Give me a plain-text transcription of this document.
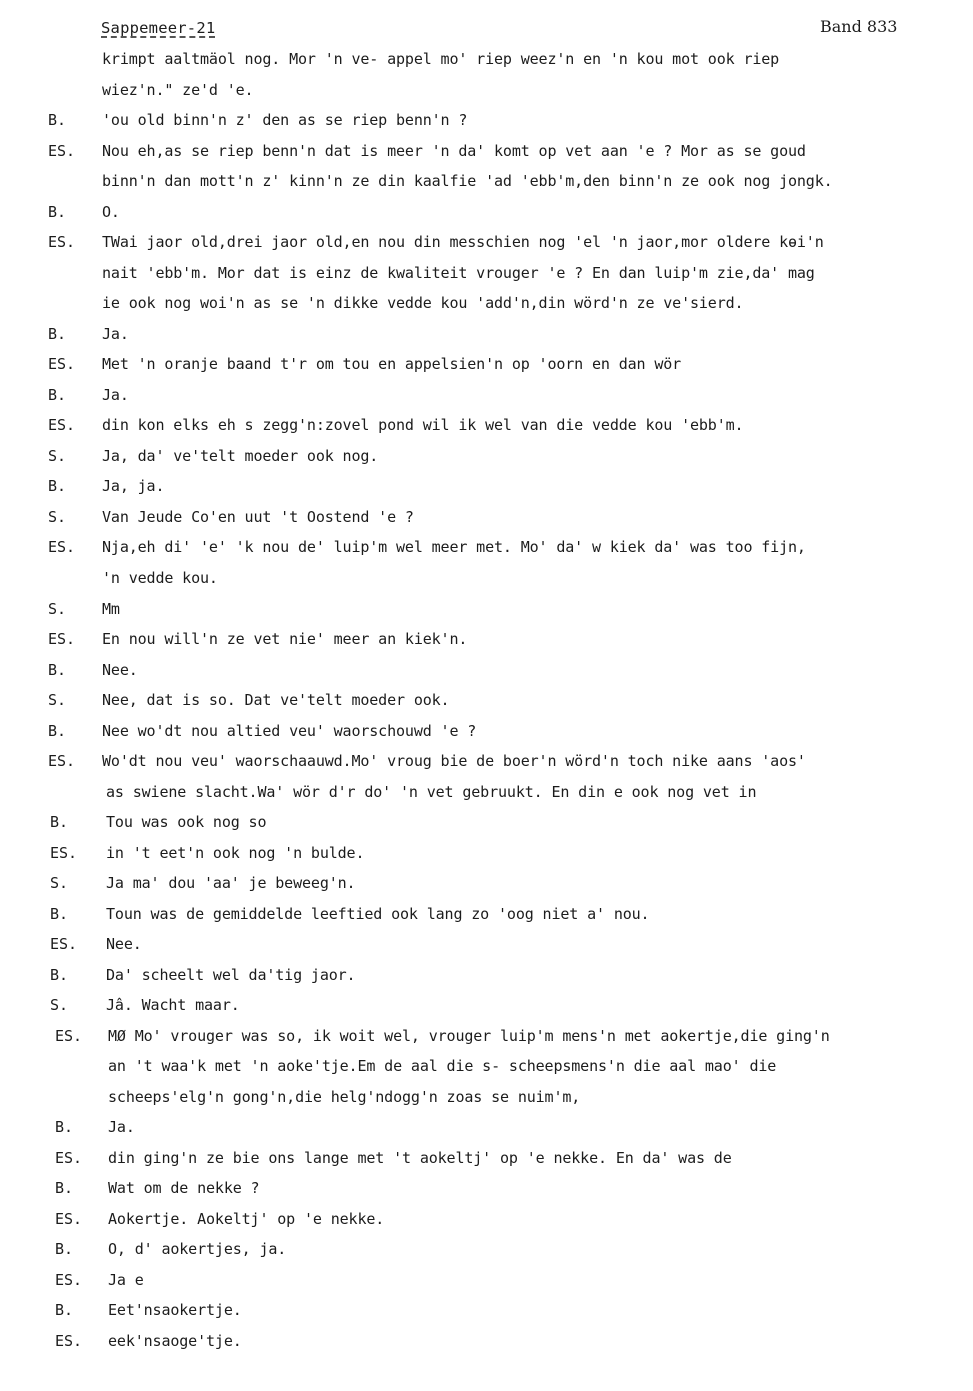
Sappemeer-21	Band 833
krimpt aaltmäol nog. Mor 'n ve- appel mo' riep weez'n en 'n kou mot ook riep
wiez'n." ze'd 'e.
B. 'ou old binn'n z' den as se riep benn'n ?
ES. Nou eh,as se riep benn'n dat is meer 'n da' komt op vet aan 'e ? Mor as se goud
binn'n dan mott'n z' kinn'n ze din kaalfie 'ad 'ebb'm,den binn'n ze ook nog jongk.
B. O.
ES. TWai jaor old,drei jaor old,en nou din messchien nog 'el 'n jaor,mor oldere kөi'n
nait 'ebb'm. Mor dat is einz de kwaliteit vrouger 'e ? En dan luip'm zie,da' mag
ie ook nog woi'n as se 'n dikke vedde kou 'add'n,din wörd'n ze ve'sierd.
B. Ja.
ES. Met 'n oranje baand t'r om tou en appelsien'n op 'oorn en dan wör
B. Ja.
ES. din kon elks eh s zegg'n:zovel pond wil ik wel van die vedde kou 'ebb'm.
S. Ja, da' ve'telt moeder ook nog.
B. Ja, ja.
S. Van Jeude Co'en uut 't Oostend 'e ?
ES. Nja,eh di' 'e' 'k nou de' luip'm wel meer met. Mo' da' w kiek da' was too fijn,
'n vedde kou.
S. Mm
ES. En nou will'n ze vet nie' meer an kiek'n.
B. Nee.
S. Nee, dat is so. Dat ve'telt moeder ook.
B. Nee wo'dt nou altied veu' waorschouwd 'e ?
ES. Wo'dt nou veu' waorschaauwd.Mo' vroug bie de boer'n wörd'n toch nike aans 'aos'
as swiene slacht.Wa' wör d'r do' 'n vet gebruukt. En din e ook nog vet in
B.	Tou was ook nog so
ES. in 't eet'n ook nog 'n bulde.
S.	Ja ma' dou 'aa' je beweeg'n.
B.	Toun was de gemiddelde leeftied ook lang zo 'oog niet a' nou.
ES. Nee.
B.	Da' scheelt wel da'tig jaor.
S.	Jâ. Wacht maar.
ES. MØ Mo' vrouger was so, ik woit wel, vrouger luip'm mens'n met aokertje,die ging'n
an 't waa'k met 'n aoke'tje.Em de aal die s- scheepsmens'n die aal mao' die
scheeps'elg'n gong'n,die helg'ndogg'n zoas se nuim'm,
B. Ja.
ES. din ging'n ze bie ons lange met 't aokeltj' op 'e nekke. En da' was de
B. Wat om de nekke ?
ES. Aokertje. Aokeltj' op 'e nekke.
B. O, d' aokertjes, ja.
ES. Ja e
B. Eet'nsaokertje.
ES. eek'nsaoge'tje.
